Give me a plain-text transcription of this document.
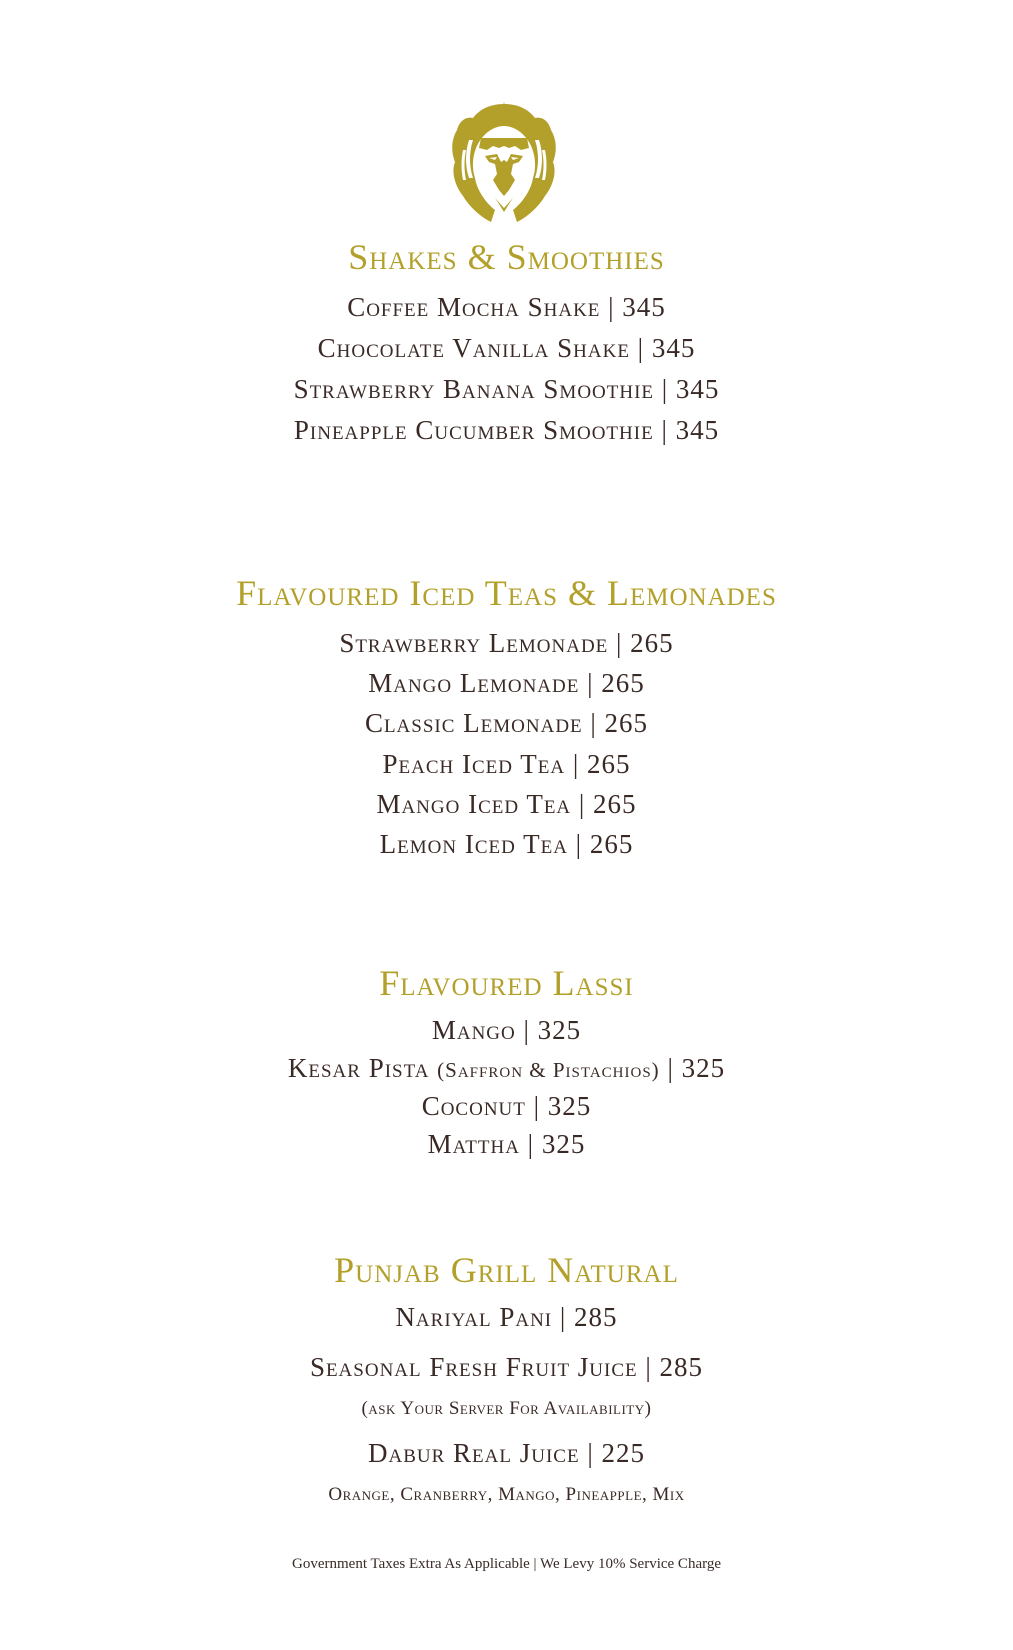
Shakes & Smoothies
Coffee Mocha Shake | 345
Chocolate Vanilla Shake | 345
Strawberry Banana Smoothie | 345
Pineapple Cucumber Smoothie | 345
Flavoured Iced Teas & Lemonades
Strawberry Lemonade | 265
Mango Lemonade | 265
Classic Lemonade | 265
Peach Iced Tea | 265
Mango Iced Tea | 265
Lemon Iced Tea | 265
Flavoured Lassi
Mango | 325
Kesar Pista (Saffron & Pistachios) | 325
Coconut | 325
Mattha | 325
Punjab Grill Natural
Nariyal Pani | 285
Seasonal Fresh Fruit Juice | 285
(ask Your Server For Availability)
Dabur Real Juice | 225
Orange, Cranberry, Mango, Pineapple, Mix
Government Taxes Extra As Applicable | We Levy 10% Service Charge
